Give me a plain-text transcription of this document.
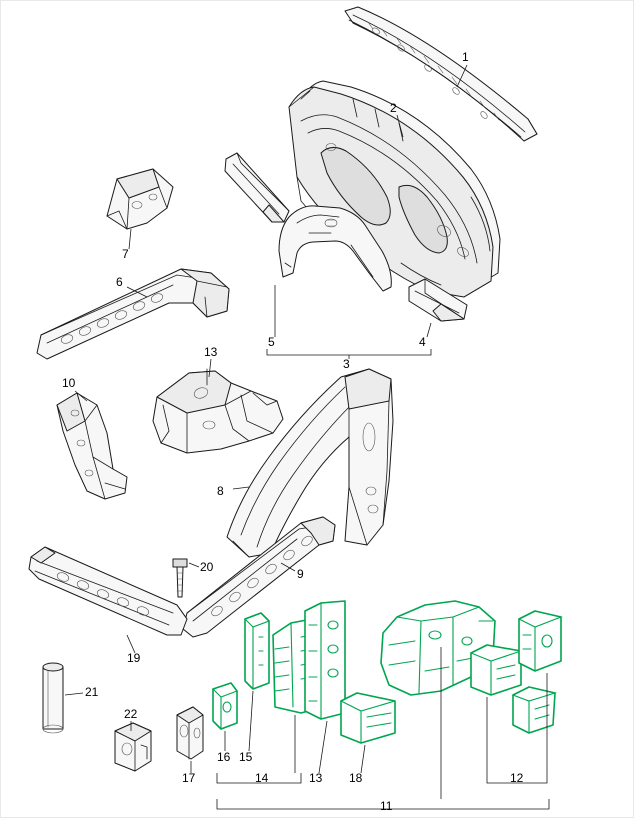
1
2
3
4
5
6
7
8
9
10
11
12
13
13
14
15
16
17	18
19
20
21
22
